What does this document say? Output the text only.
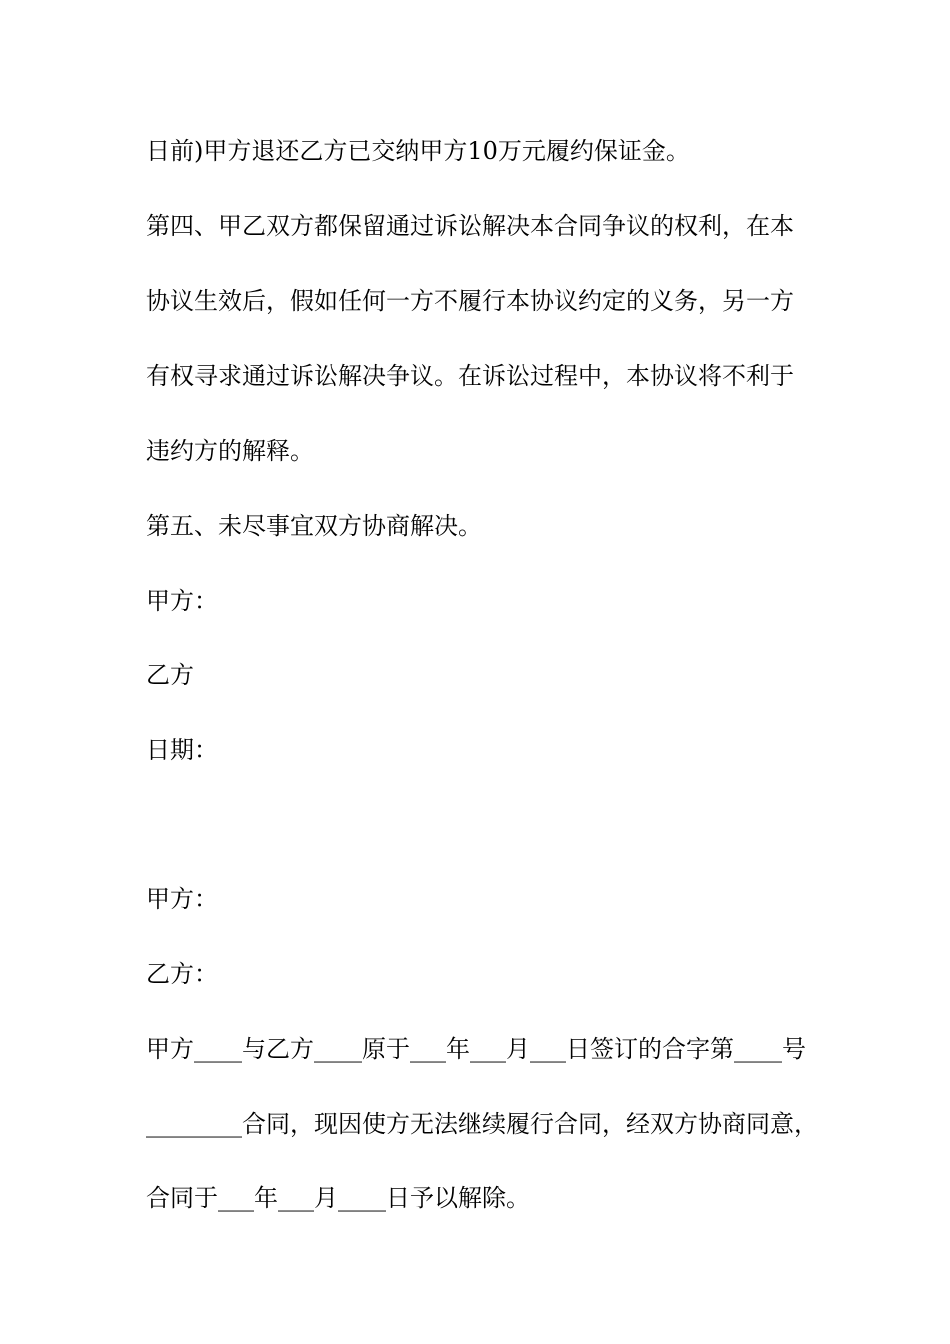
日前)甲方退还乙方已交纳甲方10万元履约保证金。
第四、甲乙双方都保留通过诉讼解决本合同争议的权利，在本
协议生效后，假如任何一方不履行本协议约定的义务，另一方
有权寻求通过诉讼解决争议。在诉讼过程中，本协议将不利于
违约方的解释。
第五、未尽事宜双方协商解决。
甲方：
乙方
日期：
甲方：
乙方：
甲方____与乙方____原于___年___月___日签订的合字第____号
________合同，现因使方无法继续履行合同，经双方协商同意，
合同于___年___月____日予以解除。
